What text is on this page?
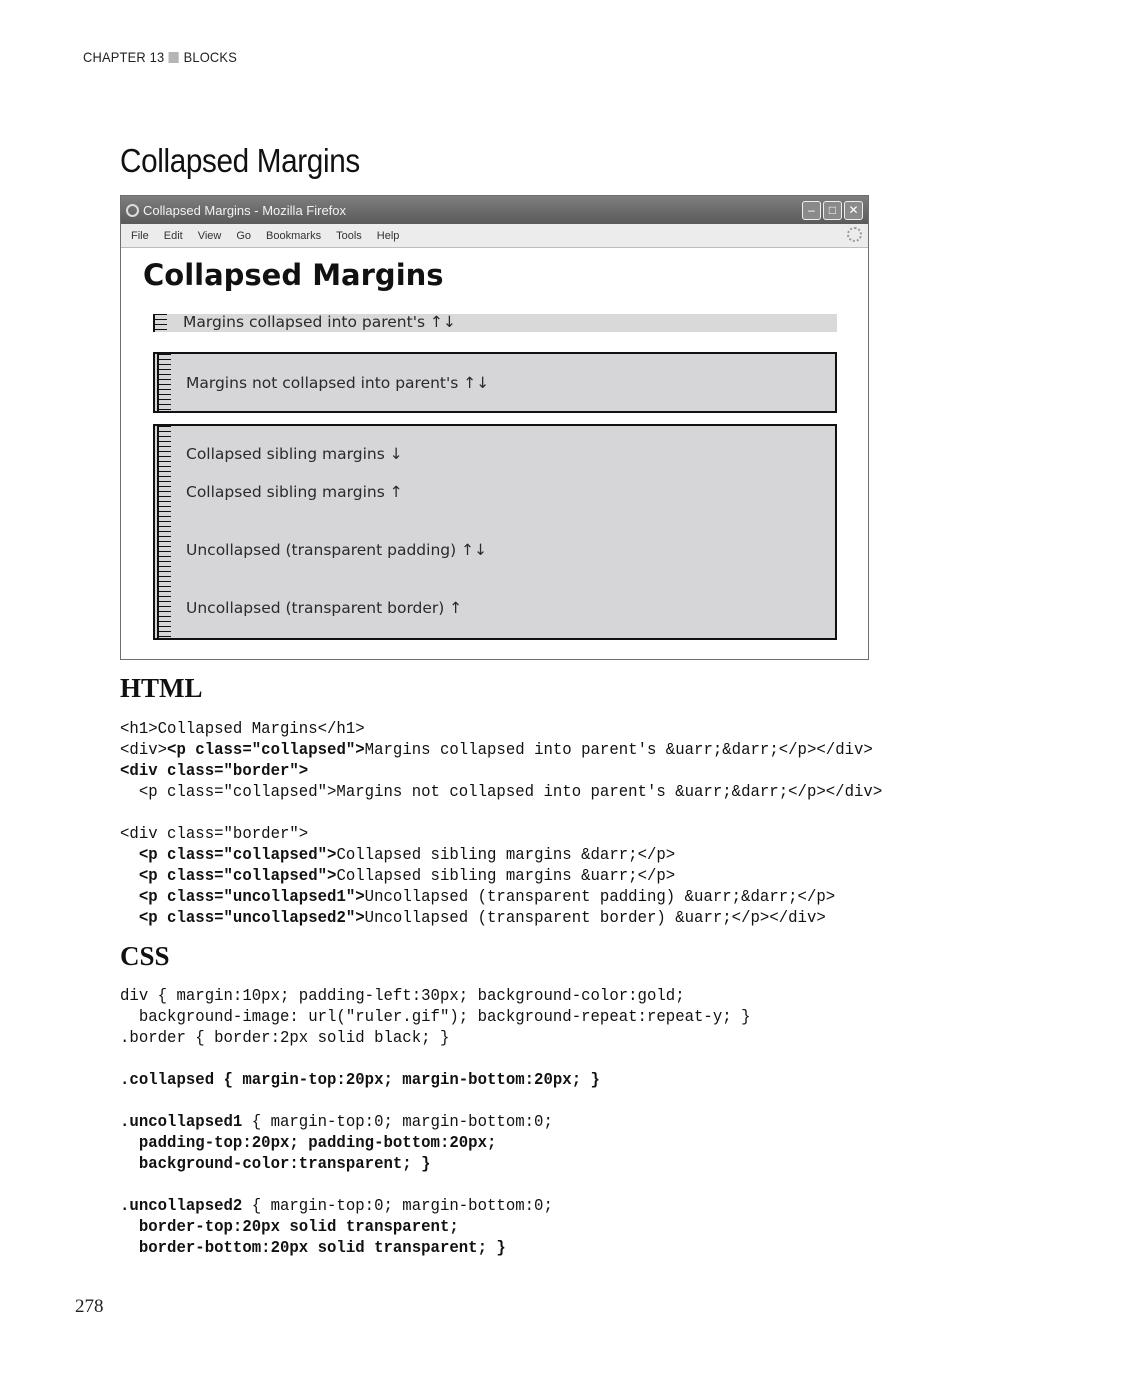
CHAPTER 13 BLOCKS
Collapsed Margins
Collapsed Margins - Mozilla Firefox	–	□	✕
File Edit View Go Bookmarks Tools Help
Collapsed Margins
Margins collapsed into parent's ↑↓
Margins not collapsed into parent's ↑↓
Collapsed sibling margins ↓
Collapsed sibling margins ↑
Uncollapsed (transparent padding) ↑↓
Uncollapsed (transparent border) ↑
HTML
<h1>Collapsed Margins</h1>
<div><p class="collapsed">Margins collapsed into parent's &uarr;&darr;</p></div>
<div class="border">
<p class="collapsed">Margins not collapsed into parent's &uarr;&darr;</p></div>
<div class="border">
<p class="collapsed">Collapsed sibling margins &darr;</p>
<p class="collapsed">Collapsed sibling margins &uarr;</p>
<p class="uncollapsed1">Uncollapsed (transparent padding) &uarr;&darr;</p>
<p class="uncollapsed2">Uncollapsed (transparent border) &uarr;</p></div>
CSS
div { margin:10px; padding-left:30px; background-color:gold;
background-image: url("ruler.gif"); background-repeat:repeat-y; }
.border { border:2px solid black; }
.collapsed { margin-top:20px; margin-bottom:20px; }
.uncollapsed1 { margin-top:0; margin-bottom:0;
padding-top:20px; padding-bottom:20px;
background-color:transparent; }
.uncollapsed2 { margin-top:0; margin-bottom:0;
border-top:20px solid transparent;
border-bottom:20px solid transparent; }
278
